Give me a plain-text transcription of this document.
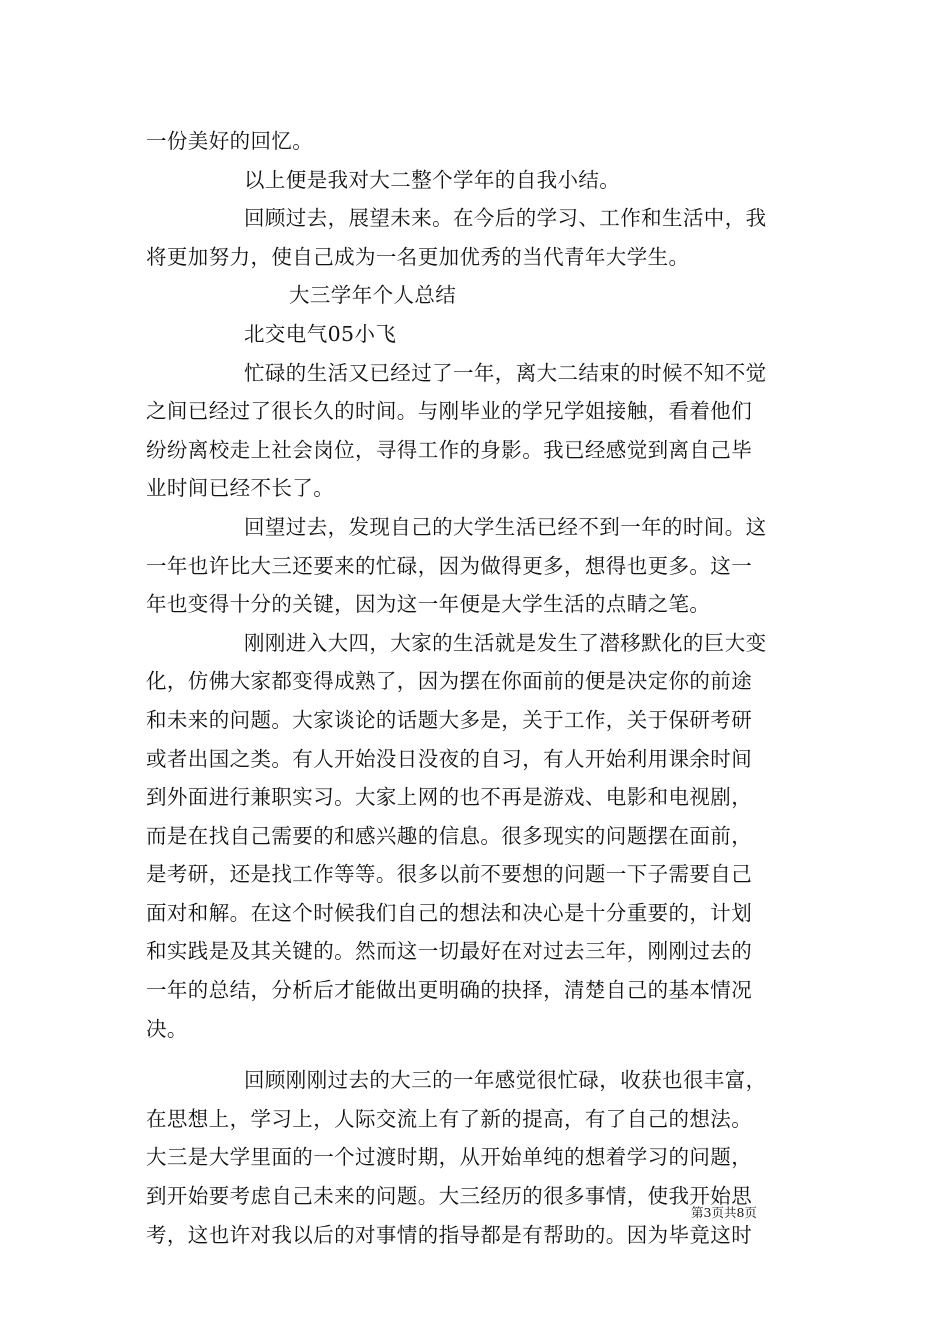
一份美好的回忆。
以上便是我对大二整个学年的自我小结。
回顾过去，展望未来。在今后的学习、工作和生活中，我
将更加努力，使自己成为一名更加优秀的当代青年大学生。
大三学年个人总结
北交电气05小飞
忙碌的生活又已经过了一年，离大二结束的时候不知不觉
之间已经过了很长久的时间。与刚毕业的学兄学姐接触，看着他们
纷纷离校走上社会岗位，寻得工作的身影。我已经感觉到离自己毕
业时间已经不长了。
回望过去，发现自己的大学生活已经不到一年的时间。这
一年也许比大三还要来的忙碌，因为做得更多，想得也更多。这一
年也变得十分的关键，因为这一年便是大学生活的点睛之笔。
刚刚进入大四，大家的生活就是发生了潜移默化的巨大变
化，仿佛大家都变得成熟了，因为摆在你面前的便是决定你的前途
和未来的问题。大家谈论的话题大多是，关于工作，关于保研考研
或者出国之类。有人开始没日没夜的自习，有人开始利用课余时间
到外面进行兼职实习。大家上网的也不再是游戏、电影和电视剧，
而是在找自己需要的和感兴趣的信息。很多现实的问题摆在面前，
是考研，还是找工作等等。很多以前不要想的问题一下子需要自己
面对和解。在这个时候我们自己的想法和决心是十分重要的，计划
和实践是及其关键的。然而这一切最好在对过去三年，刚刚过去的
一年的总结，分析后才能做出更明确的抉择，清楚自己的基本情况
决。
回顾刚刚过去的大三的一年感觉很忙碌，收获也很丰富，
在思想上，学习上，人际交流上有了新的提高，有了自己的想法。
大三是大学里面的一个过渡时期，从开始单纯的想着学习的问题，
到开始要考虑自己未来的问题。大三经历的很多事情，使我开始思
考，这也许对我以后的对事情的指导都是有帮助的。因为毕竟这时
第3页共8页
